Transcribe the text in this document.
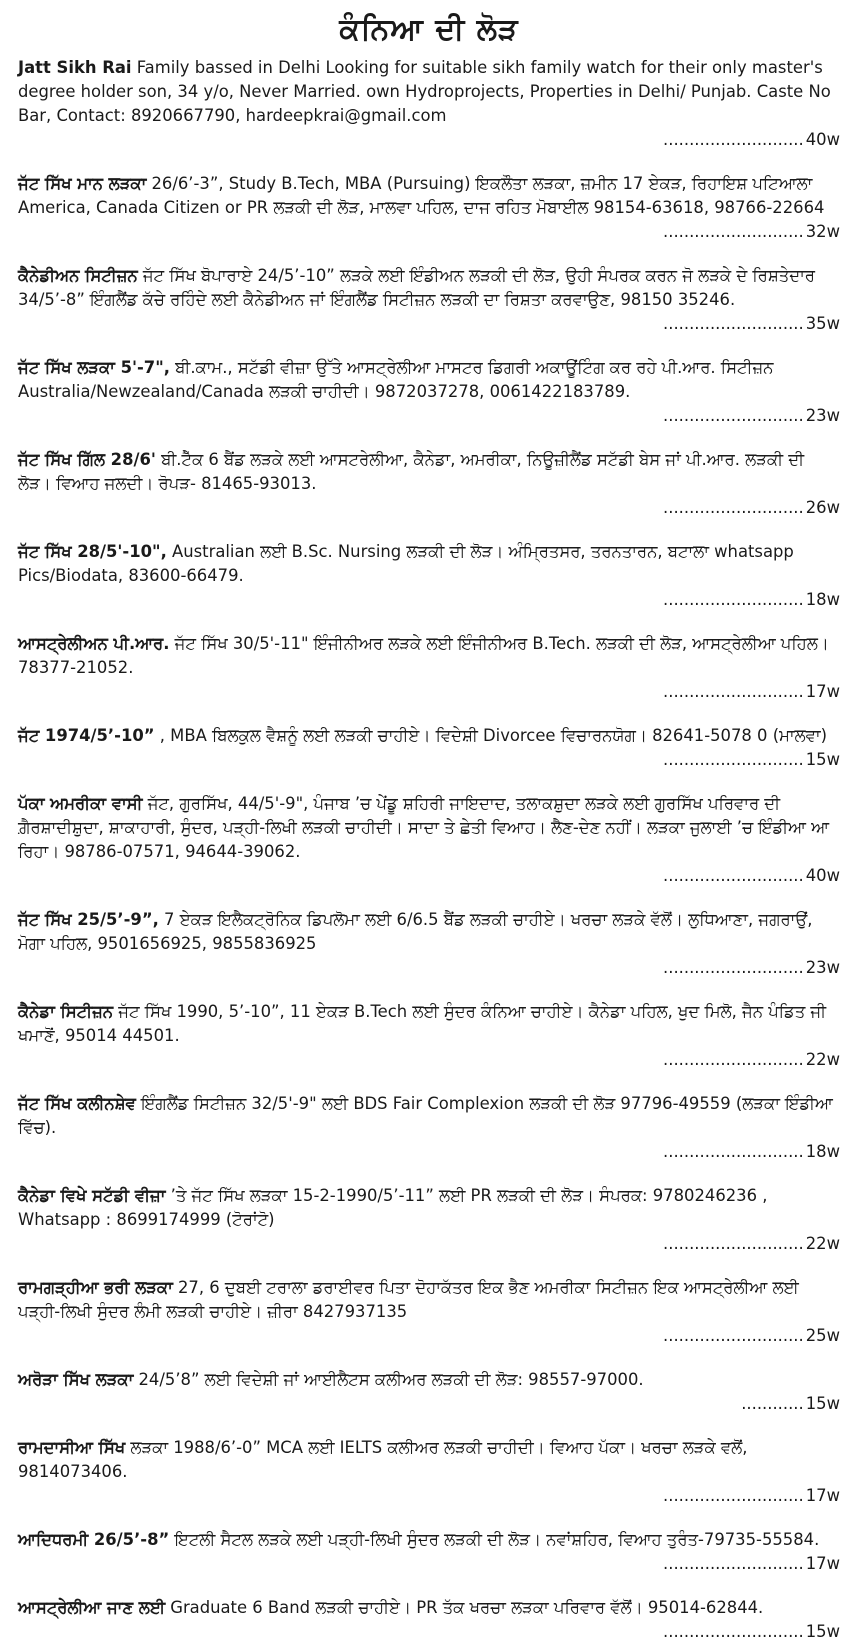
ਕੰਨਿਆ ਦੀ ਲੋੜ

Jatt Sikh Rai Family bassed in Delhi Looking for suitable sikh family watch for their only master's degree holder son, 34 y/o, Never Married. own Hydroprojects, Properties in Delhi/ Punjab. Caste No Bar, Contact: 8920667790, hardeepkrai@gmail.com

........................... 40w

ਜੱਟ ਸਿੱਖ ਮਾਨ ਲੜਕਾ 26/6’-3”, Study B.Tech, MBA (Pursuing) ਇਕਲੌਤਾ ਲੜਕਾ, ਜ਼ਮੀਨ 17 ਏਕੜ, ਰਿਹਾਇਸ਼ ਪਟਿਆਲਾ America, Canada Citizen or PR ਲੜਕੀ ਦੀ ਲੋੜ, ਮਾਲਵਾ ਪਹਿਲ, ਦਾਜ ਰਹਿਤ ਮੋਬਾਈਲ 98154-63618, 98766-22664

........................... 32w

ਕੈਨੇਡੀਅਨ ਸਿਟੀਜ਼ਨ ਜੱਟ ਸਿੱਖ ਬੋਪਾਰਾਏ 24/5’-10” ਲੜਕੇ ਲਈ ਇੰਡੀਅਨ ਲੜਕੀ ਦੀ ਲੋੜ, ਉਹੀ ਸੰਪਰਕ ਕਰਨ ਜੋ ਲੜਕੇ ਦੇ ਰਿਸ਼ਤੇਦਾਰ 34/5’-8” ਇੰਗਲੈਂਡ ਕੱਚੇ ਰਹਿੰਦੇ ਲਈ ਕੈਨੇਡੀਅਨ ਜਾਂ ਇੰਗਲੈਂਡ ਸਿਟੀਜ਼ਨ ਲੜਕੀ ਦਾ ਰਿਸ਼ਤਾ ਕਰਵਾਉਣ, 98150 35246.

........................... 35w

ਜੱਟ ਸਿੱਖ ਲੜਕਾ 5'-7", ਬੀ.ਕਾਮ., ਸਟੱਡੀ ਵੀਜ਼ਾ ਉੱਤੇ ਆਸਟ੍ਰੇਲੀਆ ਮਾਸਟਰ ਡਿਗਰੀ ਅਕਾਊਂਟਿੰਗ ਕਰ ਰਹੇ ਪੀ.ਆਰ. ਸਿਟੀਜ਼ਨ Australia/Newzealand/Canada ਲੜਕੀ ਚਾਹੀਦੀ। 9872037278, 0061422183789.

........................... 23w

ਜੱਟ ਸਿੱਖ ਗਿੱਲ 28/6' ਬੀ.ਟੈੱਕ 6 ਬੈਂਡ ਲੜਕੇ ਲਈ ਆਸਟਰੇਲੀਆ, ਕੈਨੇਡਾ, ਅਮਰੀਕਾ, ਨਿਊਜ਼ੀਲੈਂਡ ਸਟੱਡੀ ਬੇਸ ਜਾਂ ਪੀ.ਆਰ. ਲੜਕੀ ਦੀ ਲੋੜ। ਵਿਆਹ ਜਲਦੀ। ਰੋਪੜ- 81465-93013.

........................... 26w

ਜੱਟ ਸਿੱਖ 28/5'-10", Australian ਲਈ B.Sc. Nursing ਲੜਕੀ ਦੀ ਲੋੜ। ਅੰਮ੍ਰਿਤਸਰ, ਤਰਨਤਾਰਨ, ਬਟਾਲਾ whatsapp Pics/Biodata, 83600-66479.

........................... 18w

ਆਸਟ੍ਰੇਲੀਅਨ ਪੀ.ਆਰ. ਜੱਟ ਸਿੱਖ 30/5'-11" ਇੰਜੀਨੀਅਰ ਲੜਕੇ ਲਈ ਇੰਜੀਨੀਅਰ B.Tech. ਲੜਕੀ ਦੀ ਲੋੜ, ਆਸਟ੍ਰੇਲੀਆ ਪਹਿਲ। 78377-21052.

........................... 17w

ਜੱਟ 1974/5’-10” , MBA ਬਿਲਕੁਲ ਵੈਸ਼ਨੂੰ ਲਈ ਲੜਕੀ ਚਾਹੀਏ। ਵਿਦੇਸ਼ੀ Divorcee ਵਿਚਾਰਨਯੋਗ। 82641-5078 0 (ਮਾਲਵਾ)

........................... 15w

ਪੱਕਾ ਅਮਰੀਕਾ ਵਾਸੀ ਜੱਟ, ਗੁਰਸਿੱਖ, 44/5'-9", ਪੰਜਾਬ ’ਚ ਪੇਂਡੂ ਸ਼ਹਿਰੀ ਜਾਇਦਾਦ, ਤਲਾਕਸ਼ੁਦਾ ਲੜਕੇ ਲਈ ਗੁਰਸਿੱਖ ਪਰਿਵਾਰ ਦੀ ਗ਼ੈਰਸ਼ਾਦੀਸ਼ੁਦਾ, ਸ਼ਾਕਾਹਾਰੀ, ਸੁੰਦਰ, ਪੜ੍ਹੀ-ਲਿਖੀ ਲੜਕੀ ਚਾਹੀਦੀ। ਸਾਦਾ ਤੇ ਛੇਤੀ ਵਿਆਹ। ਲੈਣ-ਦੇਣ ਨਹੀਂ। ਲੜਕਾ ਜੁਲਾਈ ’ਚ ਇੰਡੀਆ ਆ ਰਿਹਾ। 98786-07571, 94644-39062.

........................... 40w

ਜੱਟ ਸਿੱਖ 25/5’-9”, 7 ਏਕੜ ਇਲੈਕਟ੍ਰੋਨਿਕ ਡਿਪਲੋਮਾ ਲਈ 6/6.5 ਬੈਂਡ ਲੜਕੀ ਚਾਹੀਏ। ਖਰਚਾ ਲੜਕੇ ਵੱਲੋਂ। ਲੁਧਿਆਣਾ, ਜਗਰਾਉਂ, ਮੋਗਾ ਪਹਿਲ, 9501656925, 9855836925

........................... 23w

ਕੈਨੇਡਾ ਸਿਟੀਜ਼ਨ ਜੱਟ ਸਿੱਖ 1990, 5’-10”, 11 ਏਕੜ B.Tech ਲਈ ਸੁੰਦਰ ਕੰਨਿਆ ਚਾਹੀਏ। ਕੈਨੇਡਾ ਪਹਿਲ, ਖੁਦ ਮਿਲੋ, ਜੈਨ ਪੰਡਿਤ ਜੀ ਖਮਾਣੋਂ, 95014 44501.

........................... 22w

ਜੱਟ ਸਿੱਖ ਕਲੀਨਸ਼ੇਵ ਇੰਗਲੈਂਡ ਸਿਟੀਜ਼ਨ 32/5'-9" ਲਈ BDS Fair Complexion ਲੜਕੀ ਦੀ ਲੋੜ 97796-49559 (ਲੜਕਾ ਇੰਡੀਆ ਵਿੱਚ).

........................... 18w

ਕੈਨੇਡਾ ਵਿਖੇ ਸਟੱਡੀ ਵੀਜ਼ਾ ’ਤੇ ਜੱਟ ਸਿੱਖ ਲੜਕਾ 15-2-1990/5’-11” ਲਈ PR ਲੜਕੀ ਦੀ ਲੋੜ। ਸੰਪਰਕ: 9780246236 , Whatsapp : 8699174999 (ਟੋਰਾਂਟੋ)

........................... 22w

ਰਾਮਗੜ੍ਹੀਆ ਭਰੀ ਲੜਕਾ 27, 6 ਦੁਬਈ ਟਰਾਲਾ ਡਰਾਈਵਰ ਪਿਤਾ ਦੋਹਾਕੱਤਰ ਇਕ ਭੈਣ ਅਮਰੀਕਾ ਸਿਟੀਜ਼ਨ ਇਕ ਆਸਟ੍ਰੇਲੀਆ ਲਈ ਪੜ੍ਹੀ-ਲਿਖੀ ਸੁੰਦਰ ਲੰਮੀ ਲੜਕੀ ਚਾਹੀਏ। ਜ਼ੀਰਾ 8427937135

........................... 25w

ਅਰੋੜਾ ਸਿੱਖ ਲੜਕਾ 24/5’8” ਲਈ ਵਿਦੇਸ਼ੀ ਜਾਂ ਆਈਲੈਟਸ ਕਲੀਅਰ ਲੜਕੀ ਦੀ ਲੋੜ: 98557-97000.

............ 15w

ਰਾਮਦਾਸੀਆ ਸਿੱਖ ਲੜਕਾ 1988/6’-0” MCA ਲਈ IELTS ਕਲੀਅਰ ਲੜਕੀ ਚਾਹੀਦੀ। ਵਿਆਹ ਪੱਕਾ। ਖਰਚਾ ਲੜਕੇ ਵਲੋਂ, 9814073406.

........................... 17w

ਆਦਿਧਰਮੀ 26/5’-8” ਇਟਲੀ ਸੈਟਲ ਲੜਕੇ ਲਈ ਪੜ੍ਹੀ-ਲਿਖੀ ਸੁੰਦਰ ਲੜਕੀ ਦੀ ਲੋੜ। ਨਵਾਂਸ਼ਹਿਰ, ਵਿਆਹ ਤੁਰੰਤ-79735-55584.

........................... 17w

ਆਸਟ੍ਰੇਲੀਆ ਜਾਣ ਲਈ Graduate 6 Band ਲੜਕੀ ਚਾਹੀਏ। PR ਤੱਕ ਖਰਚਾ ਲੜਕਾ ਪਰਿਵਾਰ ਵੱਲੋਂ। 95014-62844.

........................... 15w
